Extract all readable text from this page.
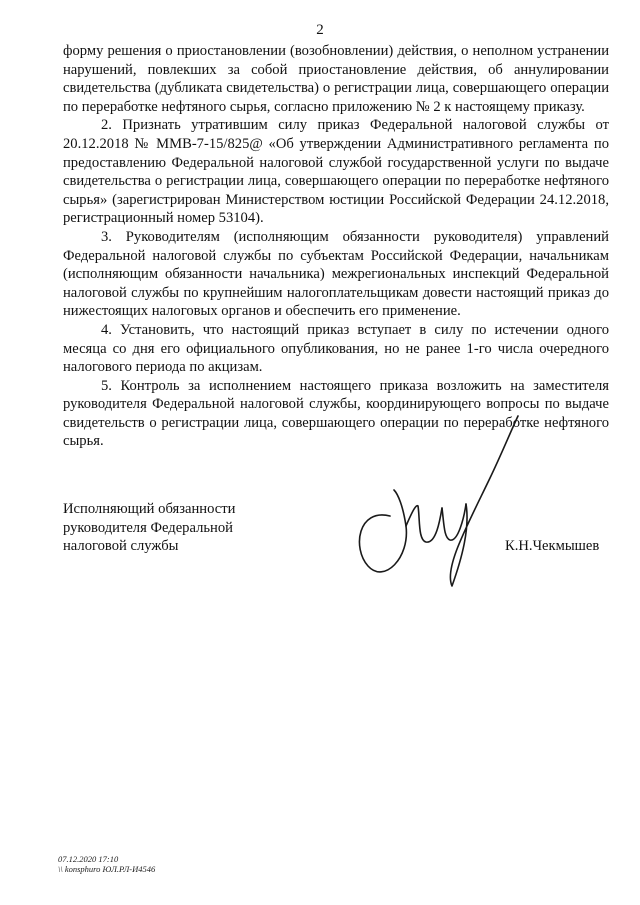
2

форму решения о приостановлении (возобновлении) действия, о неполном устранении нарушений, повлекших за собой приостановление действия, об аннулировании свидетельства (дубликата свидетельства) о регистрации лица, совершающего операции по переработке нефтяного сырья, согласно приложению № 2 к настоящему приказу.

2. Признать утратившим силу приказ Федеральной налоговой службы от 20.12.2018 № ММВ-7-15/825@ «Об утверждении Административного регламента по предоставлению Федеральной налоговой службой государственной услуги по выдаче свидетельства о регистрации лица, совершающего операции по переработке нефтяного сырья» (зарегистрирован Министерством юстиции Российской Федерации 24.12.2018, регистрационный номер 53104).

3. Руководителям (исполняющим обязанности руководителя) управлений Федеральной налоговой службы по субъектам Российской Федерации, начальникам (исполняющим обязанности начальника) межрегиональных инспекций Федеральной налоговой службы по крупнейшим налогоплательщикам довести настоящий приказ до нижестоящих налоговых органов и обеспечить его применение.

4. Установить, что настоящий приказ вступает в силу по истечении одного месяца со дня его официального опубликования, но не ранее 1-го числа очередного налогового периода по акцизам.

5. Контроль за исполнением настоящего приказа возложить на заместителя руководителя Федеральной налоговой службы, координирующего вопросы по выдаче свидетельств о регистрации лица, совершающего операции по переработке нефтяного сырья.

Исполняющий обязанности
руководителя Федеральной
налоговой службы	К.Н.Чекмышев
07.12.2020 17:10
\\ konsphuro ЮЛ.РЛ-И4546
